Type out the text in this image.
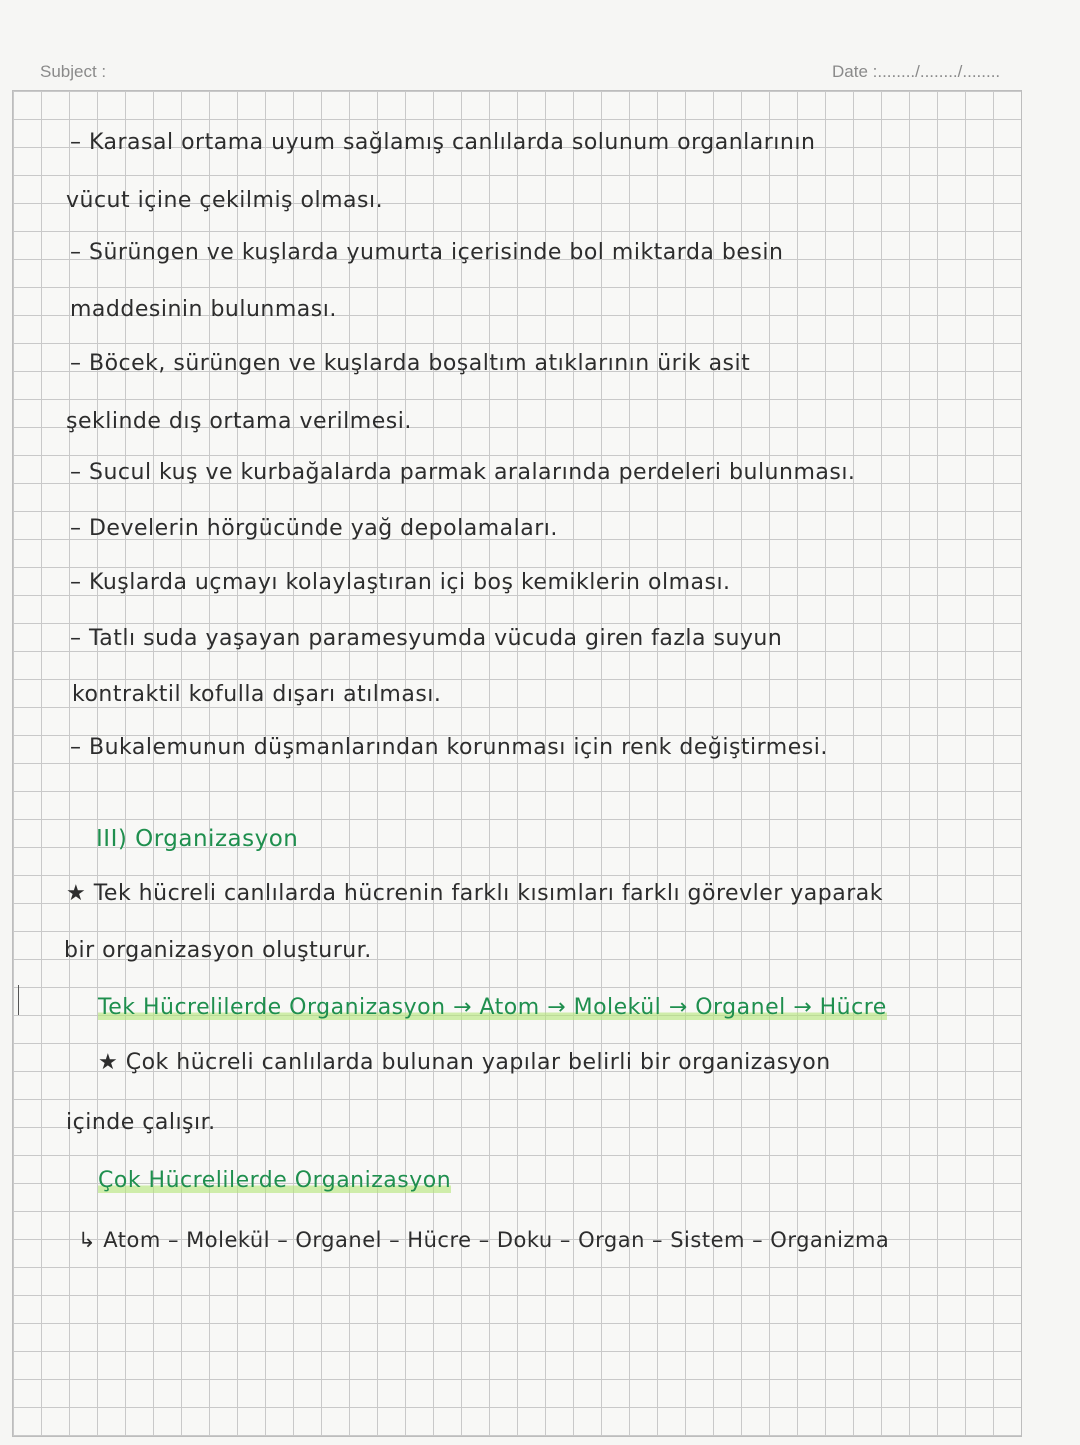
Subject :	Date :......../......../........
– Karasal ortama uyum sağlamış canlılarda solunum organlarının
vücut içine çekilmiş olması.
– Sürüngen ve kuşlarda yumurta içerisinde bol miktarda besin
maddesinin bulunması.
– Böcek, sürüngen ve kuşlarda boşaltım atıklarının ürik asit
şeklinde dış ortama verilmesi.
– Sucul kuş ve kurbağalarda parmak aralarında perdeleri bulunması.
– Develerin hörgücünde yağ depolamaları.
– Kuşlarda uçmayı kolaylaştıran içi boş kemiklerin olması.
– Tatlı suda yaşayan paramesyumda vücuda giren fazla suyun
kontraktil kofulla dışarı atılması.
– Bukalemunun düşmanlarından korunması için renk değiştirmesi.
III) Organizasyon
★ Tek hücreli canlılarda hücrenin farklı kısımları farklı görevler yaparak
bir organizasyon oluşturur.
Tek Hücrelilerde Organizasyon → Atom → Molekül → Organel → Hücre
★ Çok hücreli canlılarda bulunan yapılar belirli bir organizasyon
içinde çalışır.
Çok Hücrelilerde Organizasyon
↳ Atom – Molekül – Organel – Hücre – Doku – Organ – Sistem – Organizma
